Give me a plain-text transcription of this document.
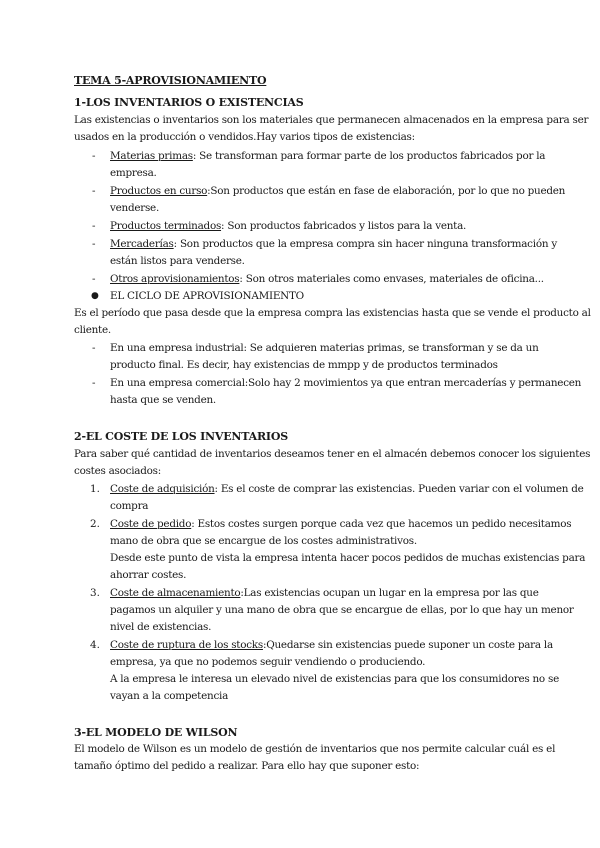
TEMA 5-APROVISIONAMIENTO
1-LOS INVENTARIOS O EXISTENCIAS
Las existencias o inventarios son los materiales que permanecen almacenados en la empresa para ser
usados en la producción o vendidos.Hay varios tipos de existencias:
- Materias primas: Se transforman para formar parte de los productos fabricados por la
empresa.
- Productos en curso:Son productos que están en fase de elaboración, por lo que no pueden
venderse.
- Productos terminados: Son productos fabricados y listos para la venta.
- Mercaderías: Son productos que la empresa compra sin hacer ninguna transformación y
están listos para venderse.
- Otros aprovisionamientos: Son otros materiales como envases, materiales de oficina...
● EL CICLO DE APROVISIONAMIENTO
Es el período que pasa desde que la empresa compra las existencias hasta que se vende el producto al
cliente.
- En una empresa industrial: Se adquieren materias primas, se transforman y se da un
producto final. Es decir, hay existencias de mmpp y de productos terminados
- En una empresa comercial:Solo hay 2 movimientos ya que entran mercaderías y permanecen
hasta que se venden.
2-EL COSTE DE LOS INVENTARIOS
Para saber qué cantidad de inventarios deseamos tener en el almacén debemos conocer los siguientes
costes asociados:
1. Coste de adquisición: Es el coste de comprar las existencias. Pueden variar con el volumen de
compra
2. Coste de pedido: Estos costes surgen porque cada vez que hacemos un pedido necesitamos
mano de obra que se encargue de los costes administrativos.
Desde este punto de vista la empresa intenta hacer pocos pedidos de muchas existencias para
ahorrar costes.
3. Coste de almacenamiento:Las existencias ocupan un lugar en la empresa por las que
pagamos un alquiler y una mano de obra que se encargue de ellas, por lo que hay un menor
nivel de existencias.
4. Coste de ruptura de los stocks:Quedarse sin existencias puede suponer un coste para la
empresa, ya que no podemos seguir vendiendo o produciendo.
A la empresa le interesa un elevado nivel de existencias para que los consumidores no se
vayan a la competencia
3-EL MODELO DE WILSON
El modelo de Wilson es un modelo de gestión de inventarios que nos permite calcular cuál es el
tamaño óptimo del pedido a realizar. Para ello hay que suponer esto:
